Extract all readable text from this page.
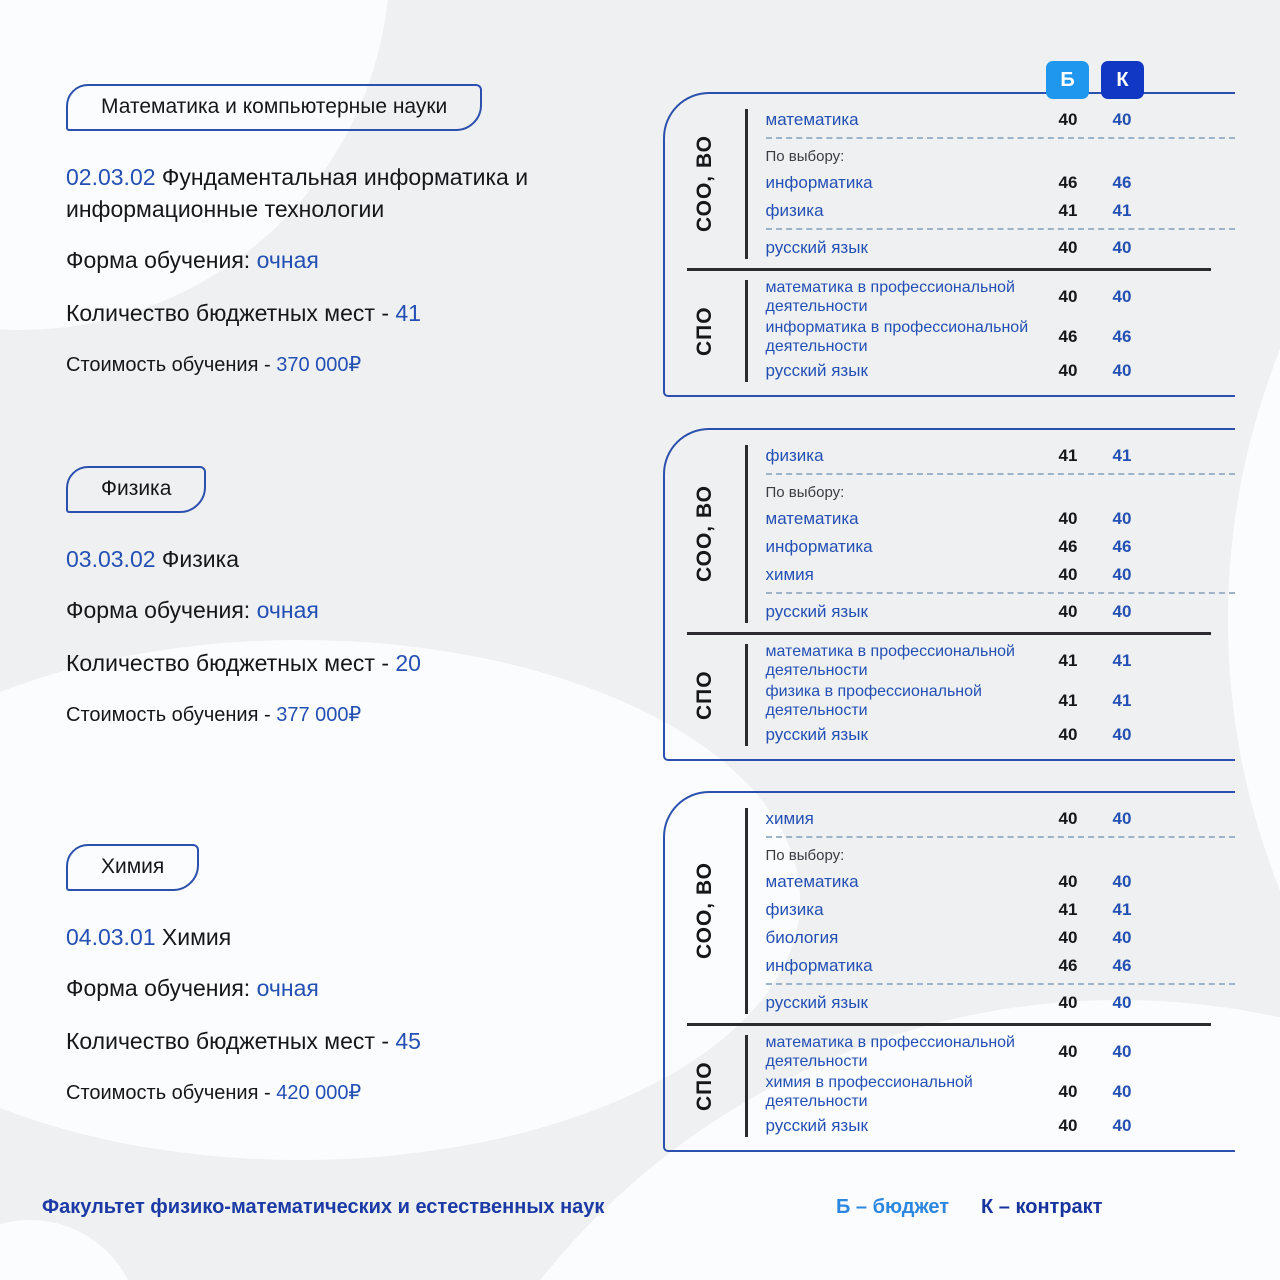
Математика и компьютерные науки

02.03.02 Фундаментальная информатика и информационные технологии

Форма обучения: очная

Количество бюджетных мест - 41

Стоимость обучения - 370 000₽

Физика

03.03.02 Физика

Форма обучения: очная

Количество бюджетных мест - 20

Стоимость обучения - 377 000₽

Химия

04.03.01 Химия

Форма обучения: очная

Количество бюджетных мест - 45

Стоимость обучения - 420 000₽

Б К
СОО, ВО
математика	40	40
По выбору:
информатика	46	46
физика	41	41
русский язык	40	40
СПО
математика в профессиональной деятельности	40	40
информатика в профессиональной деятельности	46	46
русский язык	40	40
СОО, ВО
физика	41	41
По выбору:
математика	40	40
информатика	46	46
химия	40	40
русский язык	40	40
СПО
математика в профессиональной деятельности	41	41
физика в профессиональной деятельности	41	41
русский язык	40	40
СОО, ВО
химия	40	40
По выбору:
математика	40	40
физика	41	41
биология	40	40
информатика	46	46
русский язык	40	40
СПО
математика в профессиональной деятельности	40	40
химия в профессиональной деятельности	40	40
русский язык	40	40
Факультет физико-математических и естественных наук	Б – бюджет К – контракт
